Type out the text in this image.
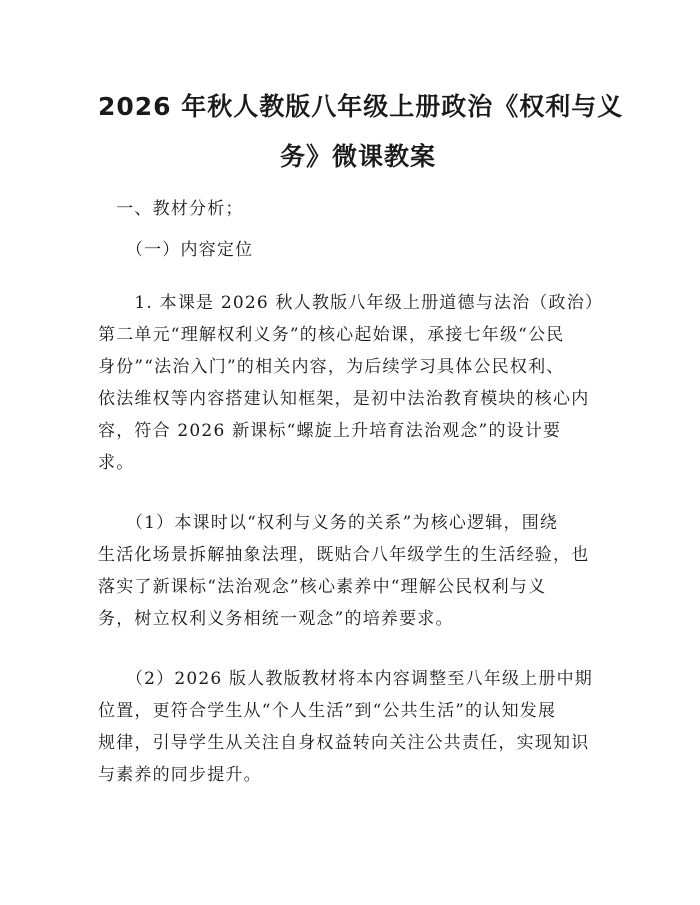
2026 年秋人教版八年级上册政治《权利与义
务》微课教案

　一、教材分析；

　　（一）内容定位

　　1. 本课是 2026 秋人教版八年级上册道德与法治（政治）
第二单元“理解权利义务”的核心起始课，承接七年级“公民
身份”“法治入门”的相关内容，为后续学习具体公民权利、
依法维权等内容搭建认知框架，是初中法治教育模块的核心内
容，符合 2026 新课标“螺旋上升培育法治观念”的设计要
求。

　　（1）本课时以“权利与义务的关系”为核心逻辑，围绕
生活化场景拆解抽象法理，既贴合八年级学生的生活经验，也
落实了新课标“法治观念”核心素养中“理解公民权利与义
务，树立权利义务相统一观念”的培养要求。

　　（2）2026 版人教版教材将本内容调整至八年级上册中期
位置，更符合学生从“个人生活”到“公共生活”的认知发展
规律，引导学生从关注自身权益转向关注公共责任，实现知识
与素养的同步提升。
